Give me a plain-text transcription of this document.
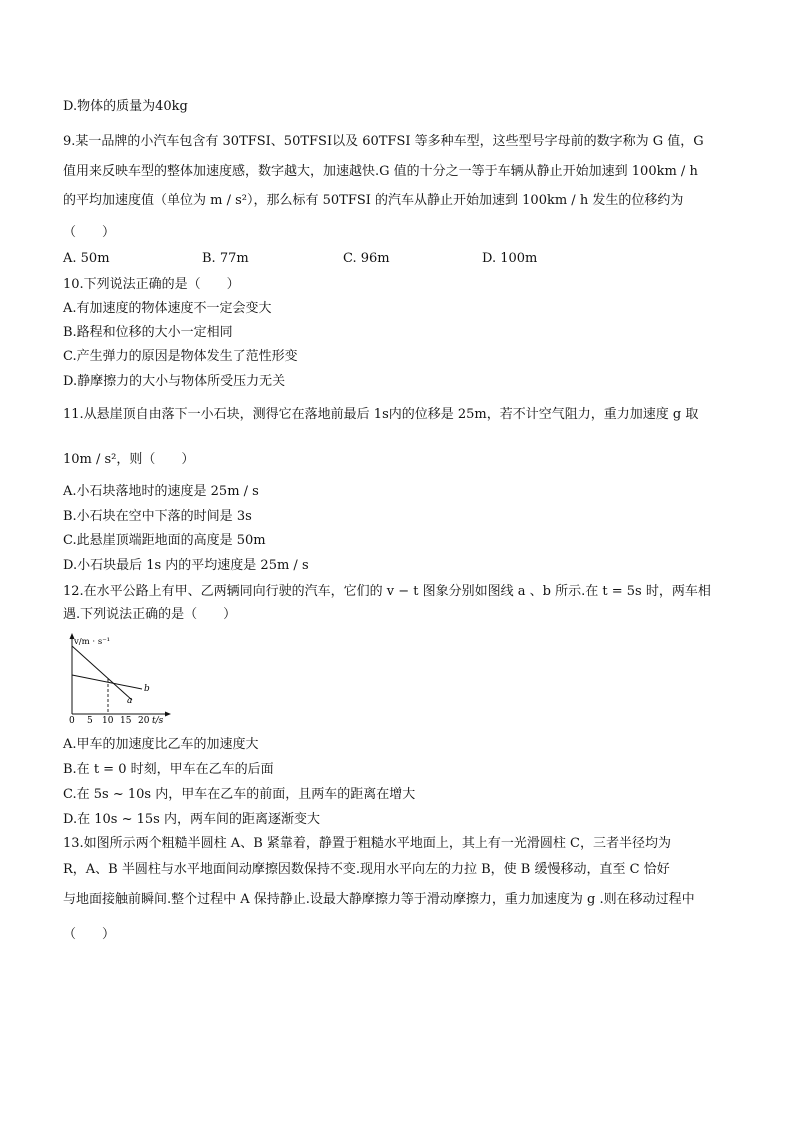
D.物体的质量为40kg
9.某一品牌的小汽车包含有 30TFSI、50TFSI以及 60TFSI 等多种车型，这些型号字母前的数字称为 G 值，G
值用来反映车型的整体加速度感，数字越大，加速越快.G 值的十分之一等于车辆从静止开始加速到 100km / h
的平均加速度值（单位为 m / s²），那么标有 50TFSI 的汽车从静止开始加速到 100km / h 发生的位移约为
（　　）
A. 50m	B. 77m	C. 96m	D. 100m
10.下列说法正确的是（　　）
A.有加速度的物体速度不一定会变大
B.路程和位移的大小一定相同
C.产生弹力的原因是物体发生了范性形变
D.静摩擦力的大小与物体所受压力无关
11.从悬崖顶自由落下一小石块，测得它在落地前最后 1s内的位移是 25m，若不计空气阻力，重力加速度 g 取
10m / s²，则（　　）
A.小石块落地时的速度是 25m / s
B.小石块在空中下落的时间是 3s
C.此悬崖顶端距地面的高度是 50m
D.小石块最后 1s 内的平均速度是 25m / s
12.在水平公路上有甲、乙两辆同向行驶的汽车，它们的 v − t 图象分别如图线 a 、b 所示.在 t = 5s 时，两车相
遇.下列说法正确的是（　　）
v/m · s⁻¹
b
a
0 5 10 15 20 t/s
A.甲车的加速度比乙车的加速度大
B.在 t = 0 时刻，甲车在乙车的后面
C.在 5s ~ 10s 内，甲车在乙车的前面，且两车的距离在增大
D.在 10s ~ 15s 内，两车间的距离逐渐变大
13.如图所示两个粗糙半圆柱 A、B 紧靠着，静置于粗糙水平地面上，其上有一光滑圆柱 C，三者半径均为
R，A、B 半圆柱与水平地面间动摩擦因数保持不变.现用水平向左的力拉 B，使 B 缓慢移动，直至 C 恰好
与地面接触前瞬间.整个过程中 A 保持静止.设最大静摩擦力等于滑动摩擦力，重力加速度为 g .则在移动过程中
（　　）
